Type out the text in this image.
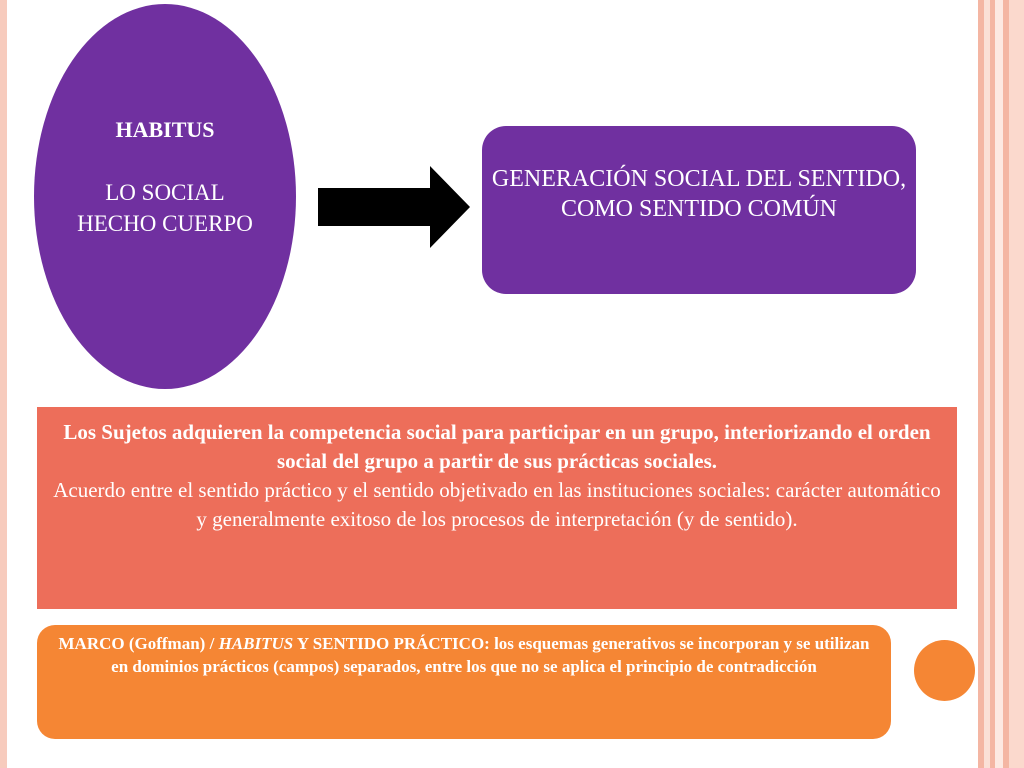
HABITUS
LO SOCIAL HECHO CUERPO
GENERACIÓN SOCIAL DEL SENTIDO, COMO SENTIDO COMÚN
Los Sujetos adquieren la competencia social para participar en un grupo, interiorizando el orden social del grupo a partir de sus prácticas sociales.
Acuerdo entre el sentido práctico y el sentido objetivado en las instituciones sociales: carácter automático y generalmente exitoso de los procesos de interpretación (y de sentido).
MARCO (Goffman) / HABITUS Y SENTIDO PRÁCTICO: los esquemas generativos se incorporan y se utilizan en dominios prácticos (campos) separados, entre los que no se aplica el principio de contradicción
